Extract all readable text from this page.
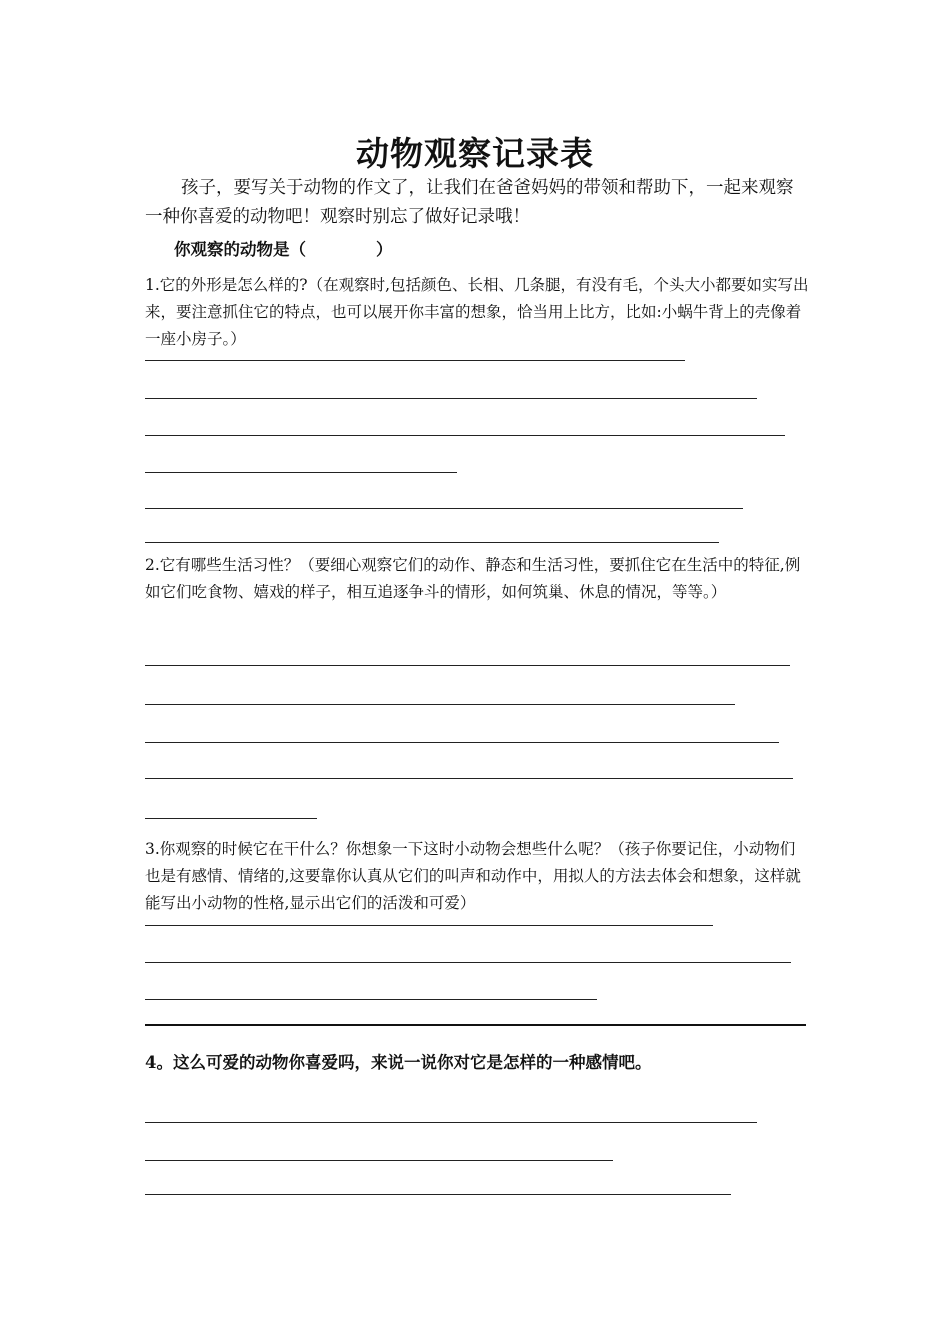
动物观察记录表
孩子，要写关于动物的作文了，让我们在爸爸妈妈的带领和帮助下，一起来观察一种你喜爱的动物吧！观察时别忘了做好记录哦！
你观察的动物是（	）
1.它的外形是怎么样的?（在观察时,包括颜色、长相、几条腿，有没有毛，个头大小都要如实写出来，要注意抓住它的特点，也可以展开你丰富的想象，恰当用上比方，比如:小蜗牛背上的壳像着一座小房子。）
2.它有哪些生活习性？（要细心观察它们的动作、静态和生活习性，要抓住它在生活中的特征,例如它们吃食物、嬉戏的样子，相互追逐争斗的情形，如何筑巢、休息的情况，等等。）
3.你观察的时候它在干什么？你想象一下这时小动物会想些什么呢？（孩子你要记住，小动物们也是有感情、情绪的,这要靠你认真从它们的叫声和动作中，用拟人的方法去体会和想象，这样就能写出小动物的性格,显示出它们的活泼和可爱）
4。这么可爱的动物你喜爱吗，来说一说你对它是怎样的一种感情吧。
